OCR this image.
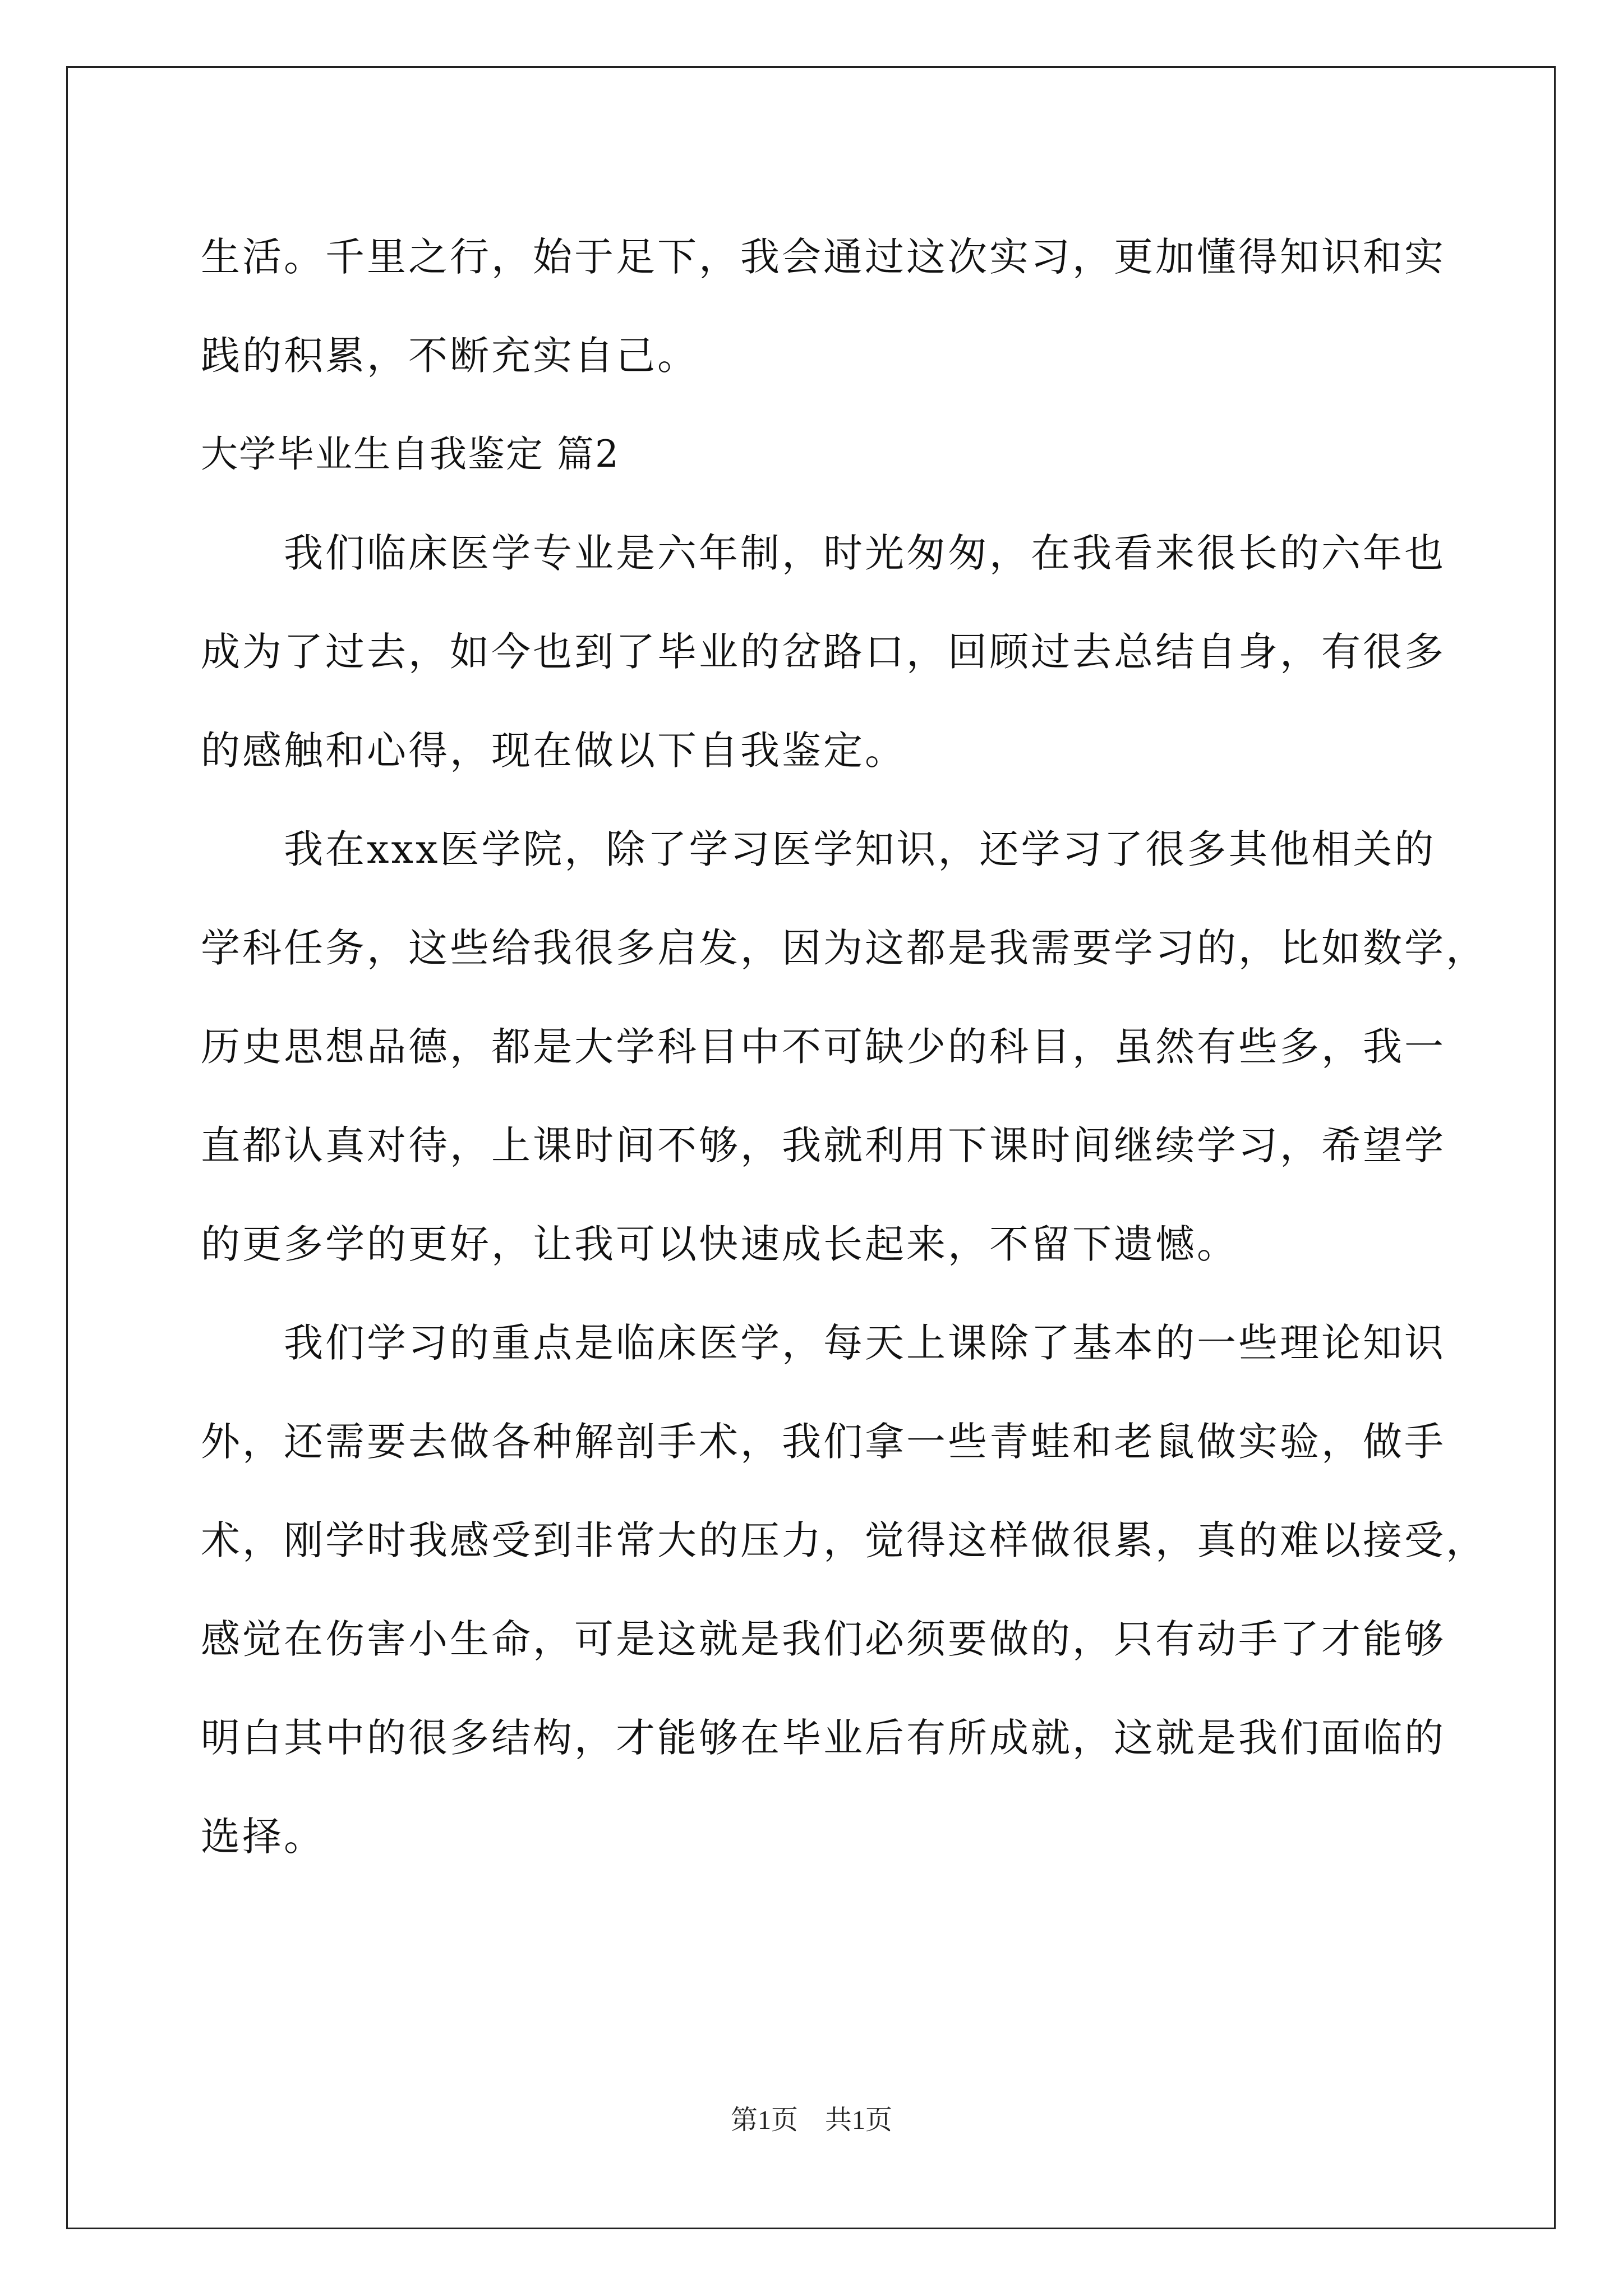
生活。千里之行，始于足下，我会通过这次实习，更加懂得知识和实
践的积累，不断充实自己。
大学毕业生自我鉴定 篇2
我们临床医学专业是六年制，时光匆匆，在我看来很长的六年也
成为了过去，如今也到了毕业的岔路口，回顾过去总结自身，有很多
的感触和心得，现在做以下自我鉴定。
我在xxx医学院，除了学习医学知识，还学习了很多其他相关的
学科任务，这些给我很多启发，因为这都是我需要学习的，比如数学，
历史思想品德，都是大学科目中不可缺少的科目，虽然有些多，我一
直都认真对待，上课时间不够，我就利用下课时间继续学习，希望学
的更多学的更好，让我可以快速成长起来，不留下遗憾。
我们学习的重点是临床医学，每天上课除了基本的一些理论知识
外，还需要去做各种解剖手术，我们拿一些青蛙和老鼠做实验，做手
术，刚学时我感受到非常大的压力，觉得这样做很累，真的难以接受，
感觉在伤害小生命，可是这就是我们必须要做的，只有动手了才能够
明白其中的很多结构，才能够在毕业后有所成就，这就是我们面临的
选择。
第1页　共1页
